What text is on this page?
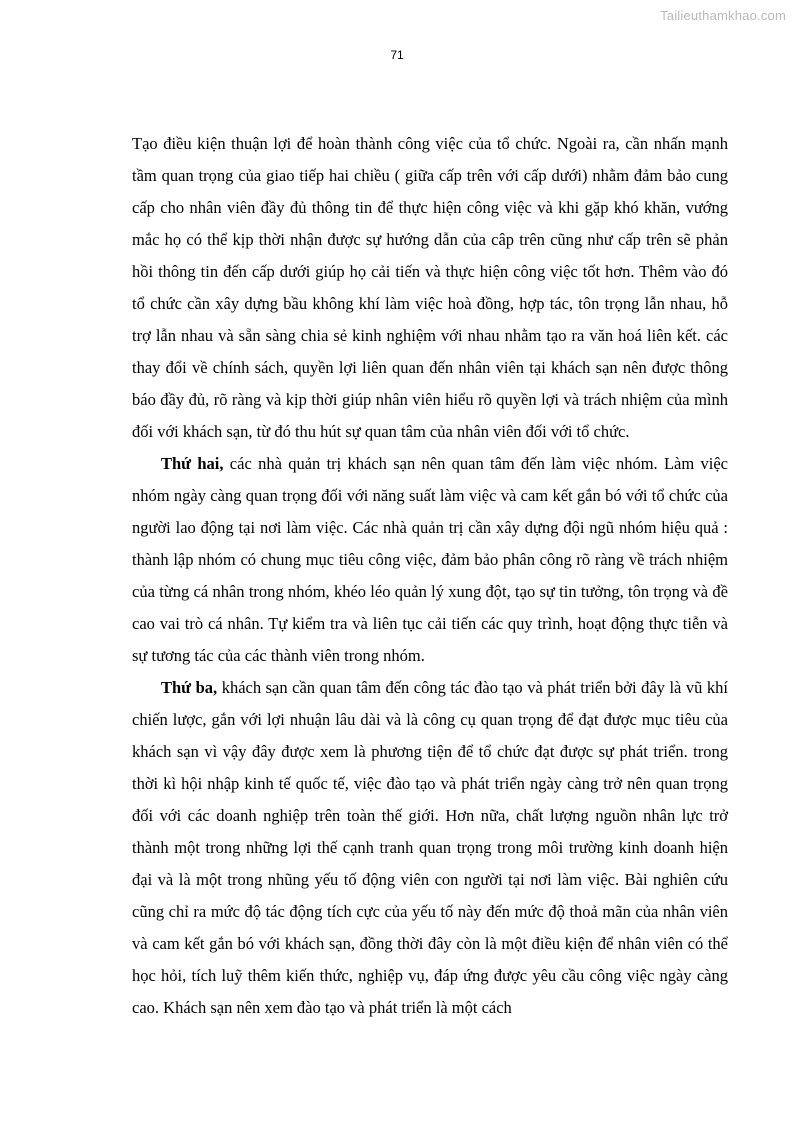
Tailieuthamkhao.com
71

Tạo điều kiện thuận lợi để hoàn thành công việc của tổ chức. Ngoài ra, cần nhấn mạnh tầm quan trọng của giao tiếp hai chiều ( giữa cấp trên với cấp dưới) nhằm đảm bảo cung cấp cho nhân viên đầy đủ thông tin để thực hiện công việc và khi gặp khó khăn, vướng mắc họ có thể kịp thời nhận được sự hướng dẫn của câp trên cũng như cấp trên sẽ phản hồi thông tin đến cấp dưới giúp họ cải tiến và thực hiện công việc tốt hơn. Thêm vào đó tổ chức cần xây dựng bầu không khí làm việc hoà đồng, hợp tác, tôn trọng lẫn nhau, hỗ trợ lẫn nhau và sẵn sàng chia sẻ kinh nghiệm với nhau nhằm tạo ra văn hoá liên kết. các thay đổi về chính sách, quyền lợi liên quan đến nhân viên tại khách sạn nên được thông báo đầy đủ, rõ ràng và kịp thời giúp nhân viên hiểu rõ quyền lợi và trách nhiệm của mình đối với khách sạn, từ đó thu hút sự quan tâm của nhân viên đối với tổ chức.

Thứ hai, các nhà quản trị khách sạn nên quan tâm đến làm việc nhóm. Làm việc nhóm ngày càng quan trọng đối với năng suất làm việc và cam kết gắn bó với tổ chức của người lao động tại nơi làm việc. Các nhà quản trị cần xây dựng đội ngũ nhóm hiệu quả : thành lập nhóm có chung mục tiêu công việc, đảm bảo phân công rõ ràng về trách nhiệm của từng cá nhân trong nhóm, khéo léo quản lý xung đột, tạo sự tin tưởng, tôn trọng và đề cao vai trò cá nhân. Tự kiểm tra và liên tục cải tiến các quy trình, hoạt động thực tiễn và sự tương tác của các thành viên trong nhóm.

Thứ ba, khách sạn cần quan tâm đến công tác đào tạo và phát triển bởi đây là vũ khí chiến lược, gắn với lợi nhuận lâu dài và là công cụ quan trọng để đạt được mục tiêu của khách sạn vì vậy đây được xem là phương tiện để tổ chức đạt được sự phát triển. trong thời kì hội nhập kinh tế quốc tế, việc đào tạo và phát triển ngày càng trở nên quan trọng đối với các doanh nghiệp trên toàn thế giới. Hơn nữa, chất lượng nguồn nhân lực trở thành một trong những lợi thế cạnh tranh quan trọng trong môi trường kinh doanh hiện đại và là một trong nhũng yếu tố động viên con người tại nơi làm việc. Bài nghiên cứu cũng chỉ ra mức độ tác động tích cực của yếu tố này đến mức độ thoả mãn của nhân viên và cam kết gắn bó với khách sạn, đồng thời đây còn là một điều kiện để nhân viên có thể học hỏi, tích luỹ thêm kiến thức, nghiệp vụ, đáp ứng được yêu cầu công việc ngày càng cao. Khách sạn nên xem đào tạo và phát triển là một cách
